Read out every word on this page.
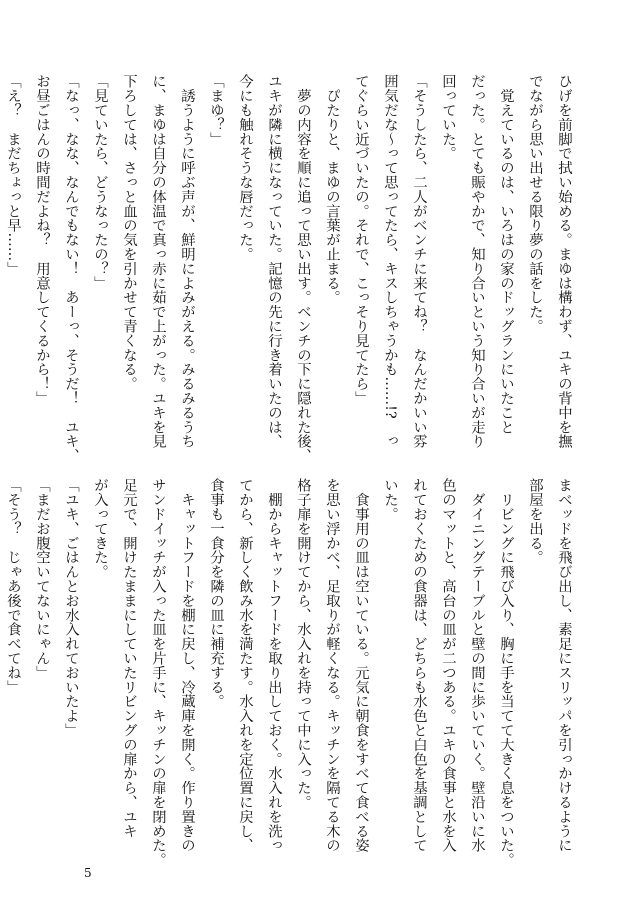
ひげを前脚で拭い始める。まゆは構わず、ユキの背中を撫
でながら思い出せる限り夢の話をした。
　覚えているのは、いろはの家のドッグランにいたこと
だった。とても賑やかで、知り合いという知り合いが走り
回っていた。
「そうしたら、二人がベンチに来てね？　なんだかいい雰
囲気だな～って思ってたら、キスしちゃうかも……!?　っ
てぐらい近づいたの。それで、こっそり見てたら」
　ぴたりと、まゆの言葉が止まる。
　夢の内容を順に追って思い出す。ベンチの下に隠れた後、
ユキが隣に横になっていた。記憶の先に行き着いたのは、
今にも触れそうな唇だった。
「まゆ？」
　誘うように呼ぶ声が、鮮明によみがえる。みるみるうち
に、まゆは自分の体温で真っ赤に茹で上がった。ユキを見
下ろしては、さっと血の気を引かせて青くなる。
「見ていたら、どうなったの？」
「なっ、なな、なんでもない！　あーっ、そうだ！　ユキ、
お昼ごはんの時間だよね？　用意してくるから！」
「え？　まだちょっと早……」
まベッドを飛び出し、素足にスリッパを引っかけるように
部屋を出る。
　リビングに飛び入り、胸に手を当てて大きく息をついた。
　ダイニングテーブルと壁の間に歩いていく。壁沿いに水
色のマットと、高台の皿が二つある。ユキの食事と水を入
れておくための食器は、どちらも水色と白色を基調として
いた。
　食事用の皿は空いている。元気に朝食をすべて食べる姿
を思い浮かべ、足取りが軽くなる。キッチンを隔てる木の
格子扉を開けてから、水入れを持って中に入った。
　棚からキャットフードを取り出しておく。水入れを洗っ
てから、新しく飲み水を満たす。水入れを定位置に戻し、
食事も一食分を隣の皿に補充する。
　キャットフードを棚に戻し、冷蔵庫を開く。作り置きの
サンドイッチが入った皿を片手に、キッチンの扉を閉めた。
足元で、開けたままにしていたリビングの扉から、ユキ
が入ってきた。
「ユキ、ごはんとお水入れておいたよ」
「まだお腹空いてないにゃん」
「そう？　じゃあ後で食べてね」
5
